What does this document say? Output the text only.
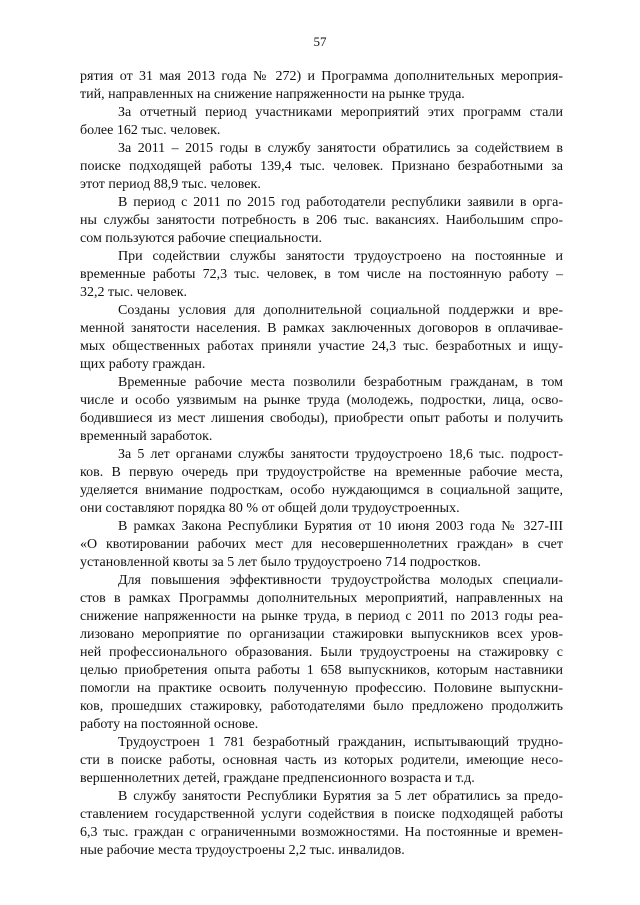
57

рятия от 31 мая 2013 года № 272) и Программа дополнительных мероприя-
тий, направленных на снижение напряженности на рынке труда.

За отчетный период участниками мероприятий этих программ стали
более 162 тыс. человек.

За 2011 – 2015 годы в службу занятости обратились за содействием в
поиске подходящей работы 139,4 тыс. человек. Признано безработными за
этот период 88,9 тыс. человек.

В период с 2011 по 2015 год работодатели республики заявили в орга-
ны службы занятости потребность в 206 тыс. вакансиях. Наибольшим спро-
сом пользуются рабочие специальности.

При содействии службы занятости трудоустроено на постоянные и
временные работы 72,3 тыс. человек, в том числе на постоянную работу –
32,2 тыс. человек.

Созданы условия для дополнительной социальной поддержки и вре-
менной занятости населения. В рамках заключенных договоров в оплачивае-
мых общественных работах приняли участие 24,3 тыс. безработных и ищу-
щих работу граждан.

Временные рабочие места позволили безработным гражданам, в том
числе и особо уязвимым на рынке труда (молодежь, подростки, лица, осво-
бодившиеся из мест лишения свободы), приобрести опыт работы и получить
временный заработок.

За 5 лет органами службы занятости трудоустроено 18,6 тыс. подрост-
ков. В первую очередь при трудоустройстве на временные рабочие места,
уделяется внимание подросткам, особо нуждающимся в социальной защите,
они составляют порядка 80 % от общей доли трудоустроенных.

В рамках Закона Республики Бурятия от 10 июня 2003 года № 327-III
«О квотировании рабочих мест для несовершеннолетних граждан» в счет
установленной квоты за 5 лет было трудоустроено 714 подростков.

Для повышения эффективности трудоустройства молодых специали-
стов в рамках Программы дополнительных мероприятий, направленных на
снижение напряженности на рынке труда, в период с 2011 по 2013 годы реа-
лизовано мероприятие по организации стажировки выпускников всех уров-
ней профессионального образования. Были трудоустроены на стажировку с
целью приобретения опыта работы 1 658 выпускников, которым наставники
помогли на практике освоить полученную профессию. Половине выпускни-
ков, прошедших стажировку, работодателями было предложено продолжить
работу на постоянной основе.

Трудоустроен 1 781 безработный гражданин, испытывающий трудно-
сти в поиске работы, основная часть из которых родители, имеющие несо-
вершеннолетних детей, граждане предпенсионного возраста и т.д.

В службу занятости Республики Бурятия за 5 лет обратились за предо-
ставлением государственной услуги содействия в поиске подходящей работы
6,3 тыс. граждан с ограниченными возможностями. На постоянные и времен-
ные рабочие места трудоустроены 2,2 тыс. инвалидов.
